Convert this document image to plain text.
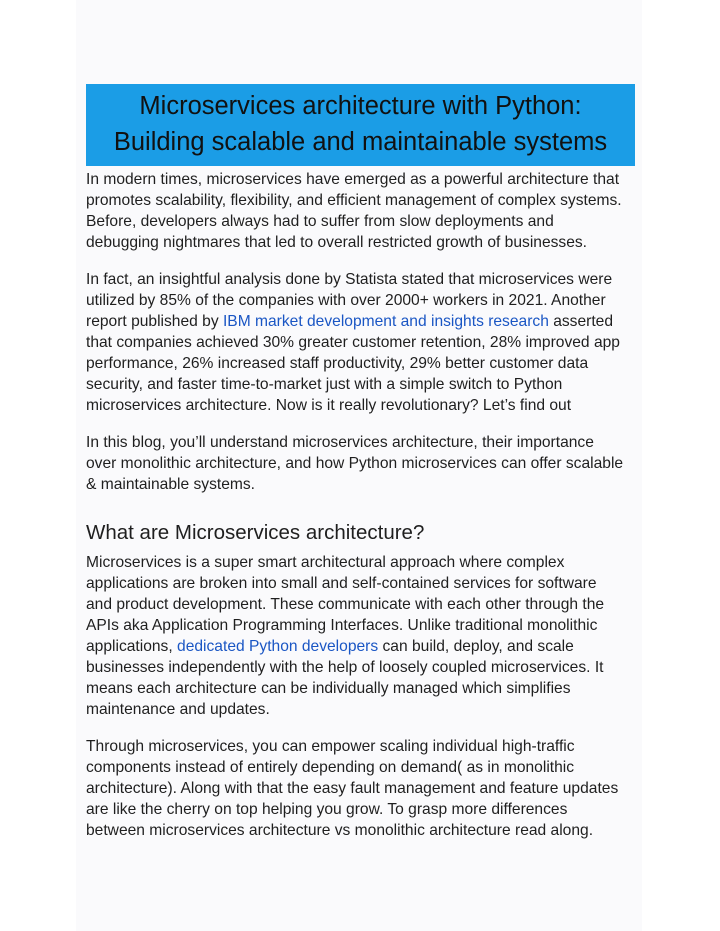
Microservices architecture with Python:
Building scalable and maintainable systems

In modern times, microservices have emerged as a powerful architecture that
promotes scalability, flexibility, and efficient management of complex systems.
Before, developers always had to suffer from slow deployments and
debugging nightmares that led to overall restricted growth of businesses.

In fact, an insightful analysis done by Statista stated that microservices were
utilized by 85% of the companies with over 2000+ workers in 2021. Another
report published by IBM market development and insights research asserted
that companies achieved 30% greater customer retention, 28% improved app
performance, 26% increased staff productivity, 29% better customer data
security, and faster time-to-market just with a simple switch to Python
microservices architecture. Now is it really revolutionary? Let’s find out

In this blog, you’ll understand microservices architecture, their importance
over monolithic architecture, and how Python microservices can offer scalable
& maintainable systems.

What are Microservices architecture?

Microservices is a super smart architectural approach where complex
applications are broken into small and self-contained services for software
and product development. These communicate with each other through the
APIs aka Application Programming Interfaces. Unlike traditional monolithic
applications, dedicated Python developers can build, deploy, and scale
businesses independently with the help of loosely coupled microservices. It
means each architecture can be individually managed which simplifies
maintenance and updates.

Through microservices, you can empower scaling individual high-traffic
components instead of entirely depending on demand( as in monolithic
architecture). Along with that the easy fault management and feature updates
are like the cherry on top helping you grow. To grasp more differences
between microservices architecture vs monolithic architecture read along.
